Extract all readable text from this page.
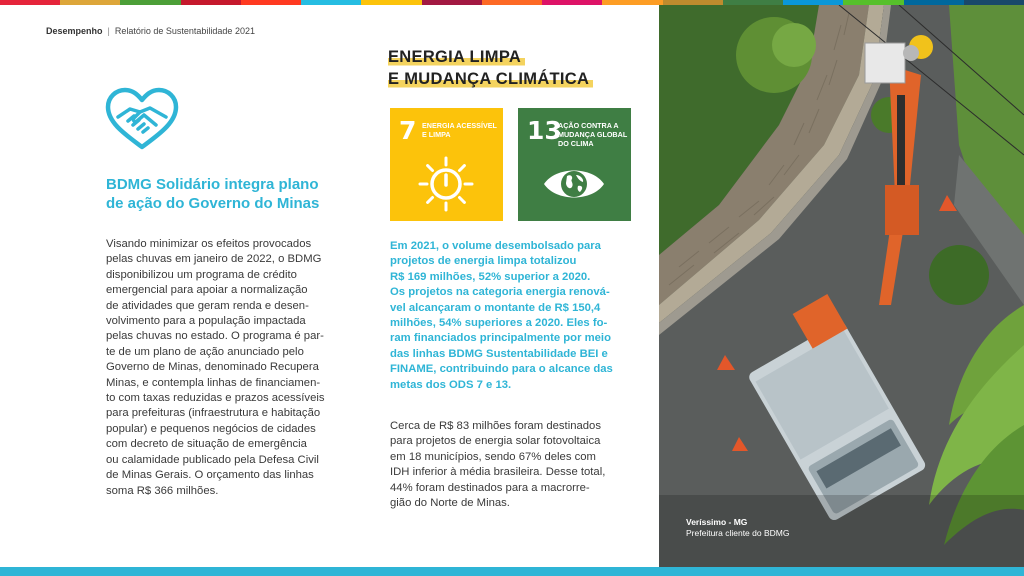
Desempenho | Relatório de Sustentabilidade 2021
BDMG Solidário integra plano
de ação do Governo do Minas
Visando minimizar os efeitos provocados
pelas chuvas em janeiro de 2022, o BDMG
disponibilizou um programa de crédito
emergencial para apoiar a normalização
de atividades que geram renda e desen-
volvimento para a população impactada
pelas chuvas no estado. O programa é par-
te de um plano de ação anunciado pelo
Governo de Minas, denominado Recupera
Minas, e contempla linhas de financiamen-
to com taxas reduzidas e prazos acessíveis
para prefeituras (infraestrutura e habitação
popular) e pequenos negócios de cidades
com decreto de situação de emergência
ou calamidade publicado pela Defesa Civil
de Minas Gerais. O orçamento das linhas
soma R$ 366 milhões.
ENERGIA LIMPA
E MUDANÇA CLIMÁTICA
7 ENERGIA ACESSÍVEL E LIMPA	13
AÇÃO CONTRA A MUDANÇA GLOBAL DO CLIMA
Em 2021, o volume desembolsado para
projetos de energia limpa totalizou
R$ 169 milhões, 52% superior a 2020.
Os projetos na categoria energia renová-
vel alcançaram o montante de R$ 150,4
milhões, 54% superiores a 2020. Eles fo-
ram financiados principalmente por meio
das linhas BDMG Sustentabilidade BEI e
FINAME, contribuindo para o alcance das
metas dos ODS 7 e 13.
Cerca de R$ 83 milhões foram destinados
para projetos de energia solar fotovoltaica
em 18 municípios, sendo 67% deles com
IDH inferior à média brasileira. Desse total,
44% foram destinados para a macrorre-
gião do Norte de Minas.
Veríssimo - MG
Prefeitura cliente do BDMG
